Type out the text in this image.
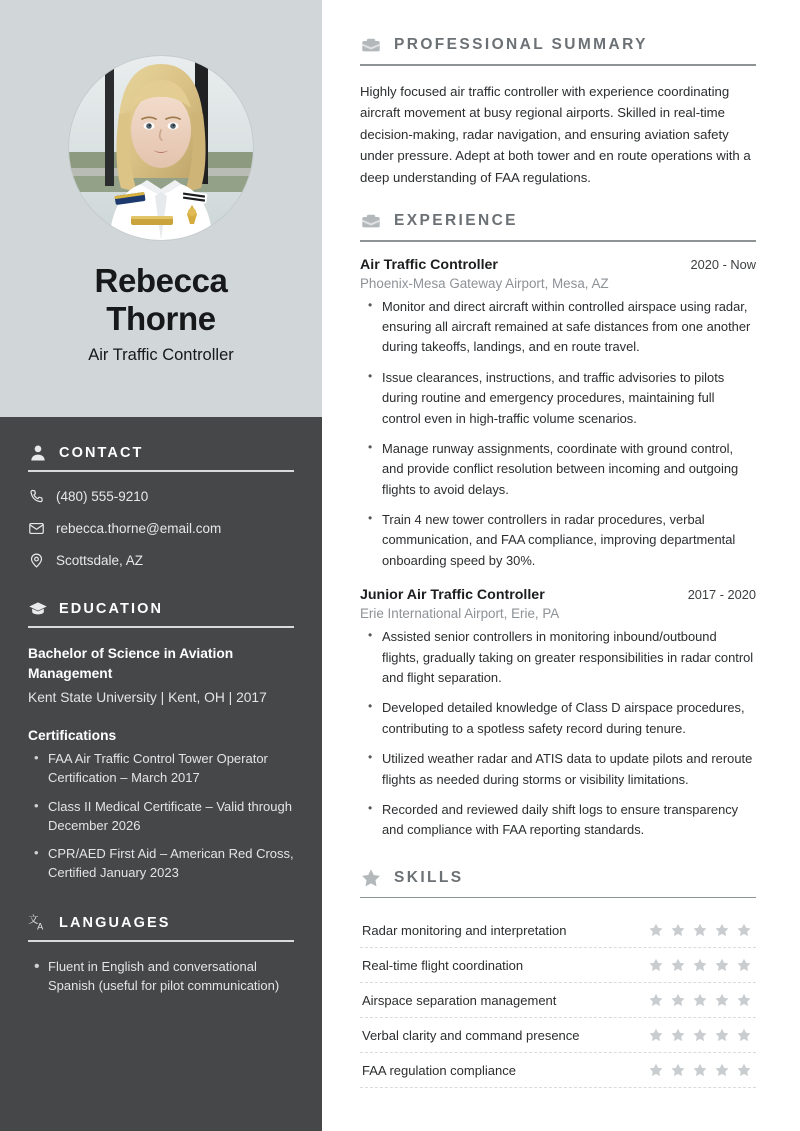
Rebecca
Thorne
Air Traffic Controller
CONTACT
(480) 555-9210
rebecca.thorne@email.com
Scottsdale, AZ
EDUCATION
Bachelor of Science in Aviation Management
Kent State University | Kent, OH | 2017
Certifications
• FAA Air Traffic Control Tower Operator Certification – March 2017
• Class II Medical Certificate – Valid through December 2026
• CPR/AED First Aid – American Red Cross, Certified January 2023
文
A LANGUAGES
• Fluent in English and conversational Spanish (useful for pilot communication)
PROFESSIONAL SUMMARY

Highly focused air traffic controller with experience coordinating aircraft movement at busy regional airports. Skilled in real-time decision-making, radar navigation, and ensuring aviation safety under pressure. Adept at both tower and en route operations with a deep understanding of FAA regulations.

EXPERIENCE
Air Traffic Controller	2020 - Now
Phoenix-Mesa Gateway Airport, Mesa, AZ
• Monitor and direct aircraft within controlled airspace using radar, ensuring all aircraft remained at safe distances from one another during takeoffs, landings, and en route travel.
• Issue clearances, instructions, and traffic advisories to pilots during routine and emergency procedures, maintaining full control even in high-traffic volume scenarios.
• Manage runway assignments, coordinate with ground control, and provide conflict resolution between incoming and outgoing flights to avoid delays.
• Train 4 new tower controllers in radar procedures, verbal communication, and FAA compliance, improving departmental onboarding speed by 30%.
Junior Air Traffic Controller	2017 - 2020
Erie International Airport, Erie, PA
• Assisted senior controllers in monitoring inbound/outbound flights, gradually taking on greater responsibilities in radar control and flight separation.
• Developed detailed knowledge of Class D airspace procedures, contributing to a spotless safety record during tenure.
• Utilized weather radar and ATIS data to update pilots and reroute flights as needed during storms or visibility limitations.
• Recorded and reviewed daily shift logs to ensure transparency and compliance with FAA reporting standards.
SKILLS
Radar monitoring and interpretation
Real-time flight coordination
Airspace separation management
Verbal clarity and command presence
FAA regulation compliance
